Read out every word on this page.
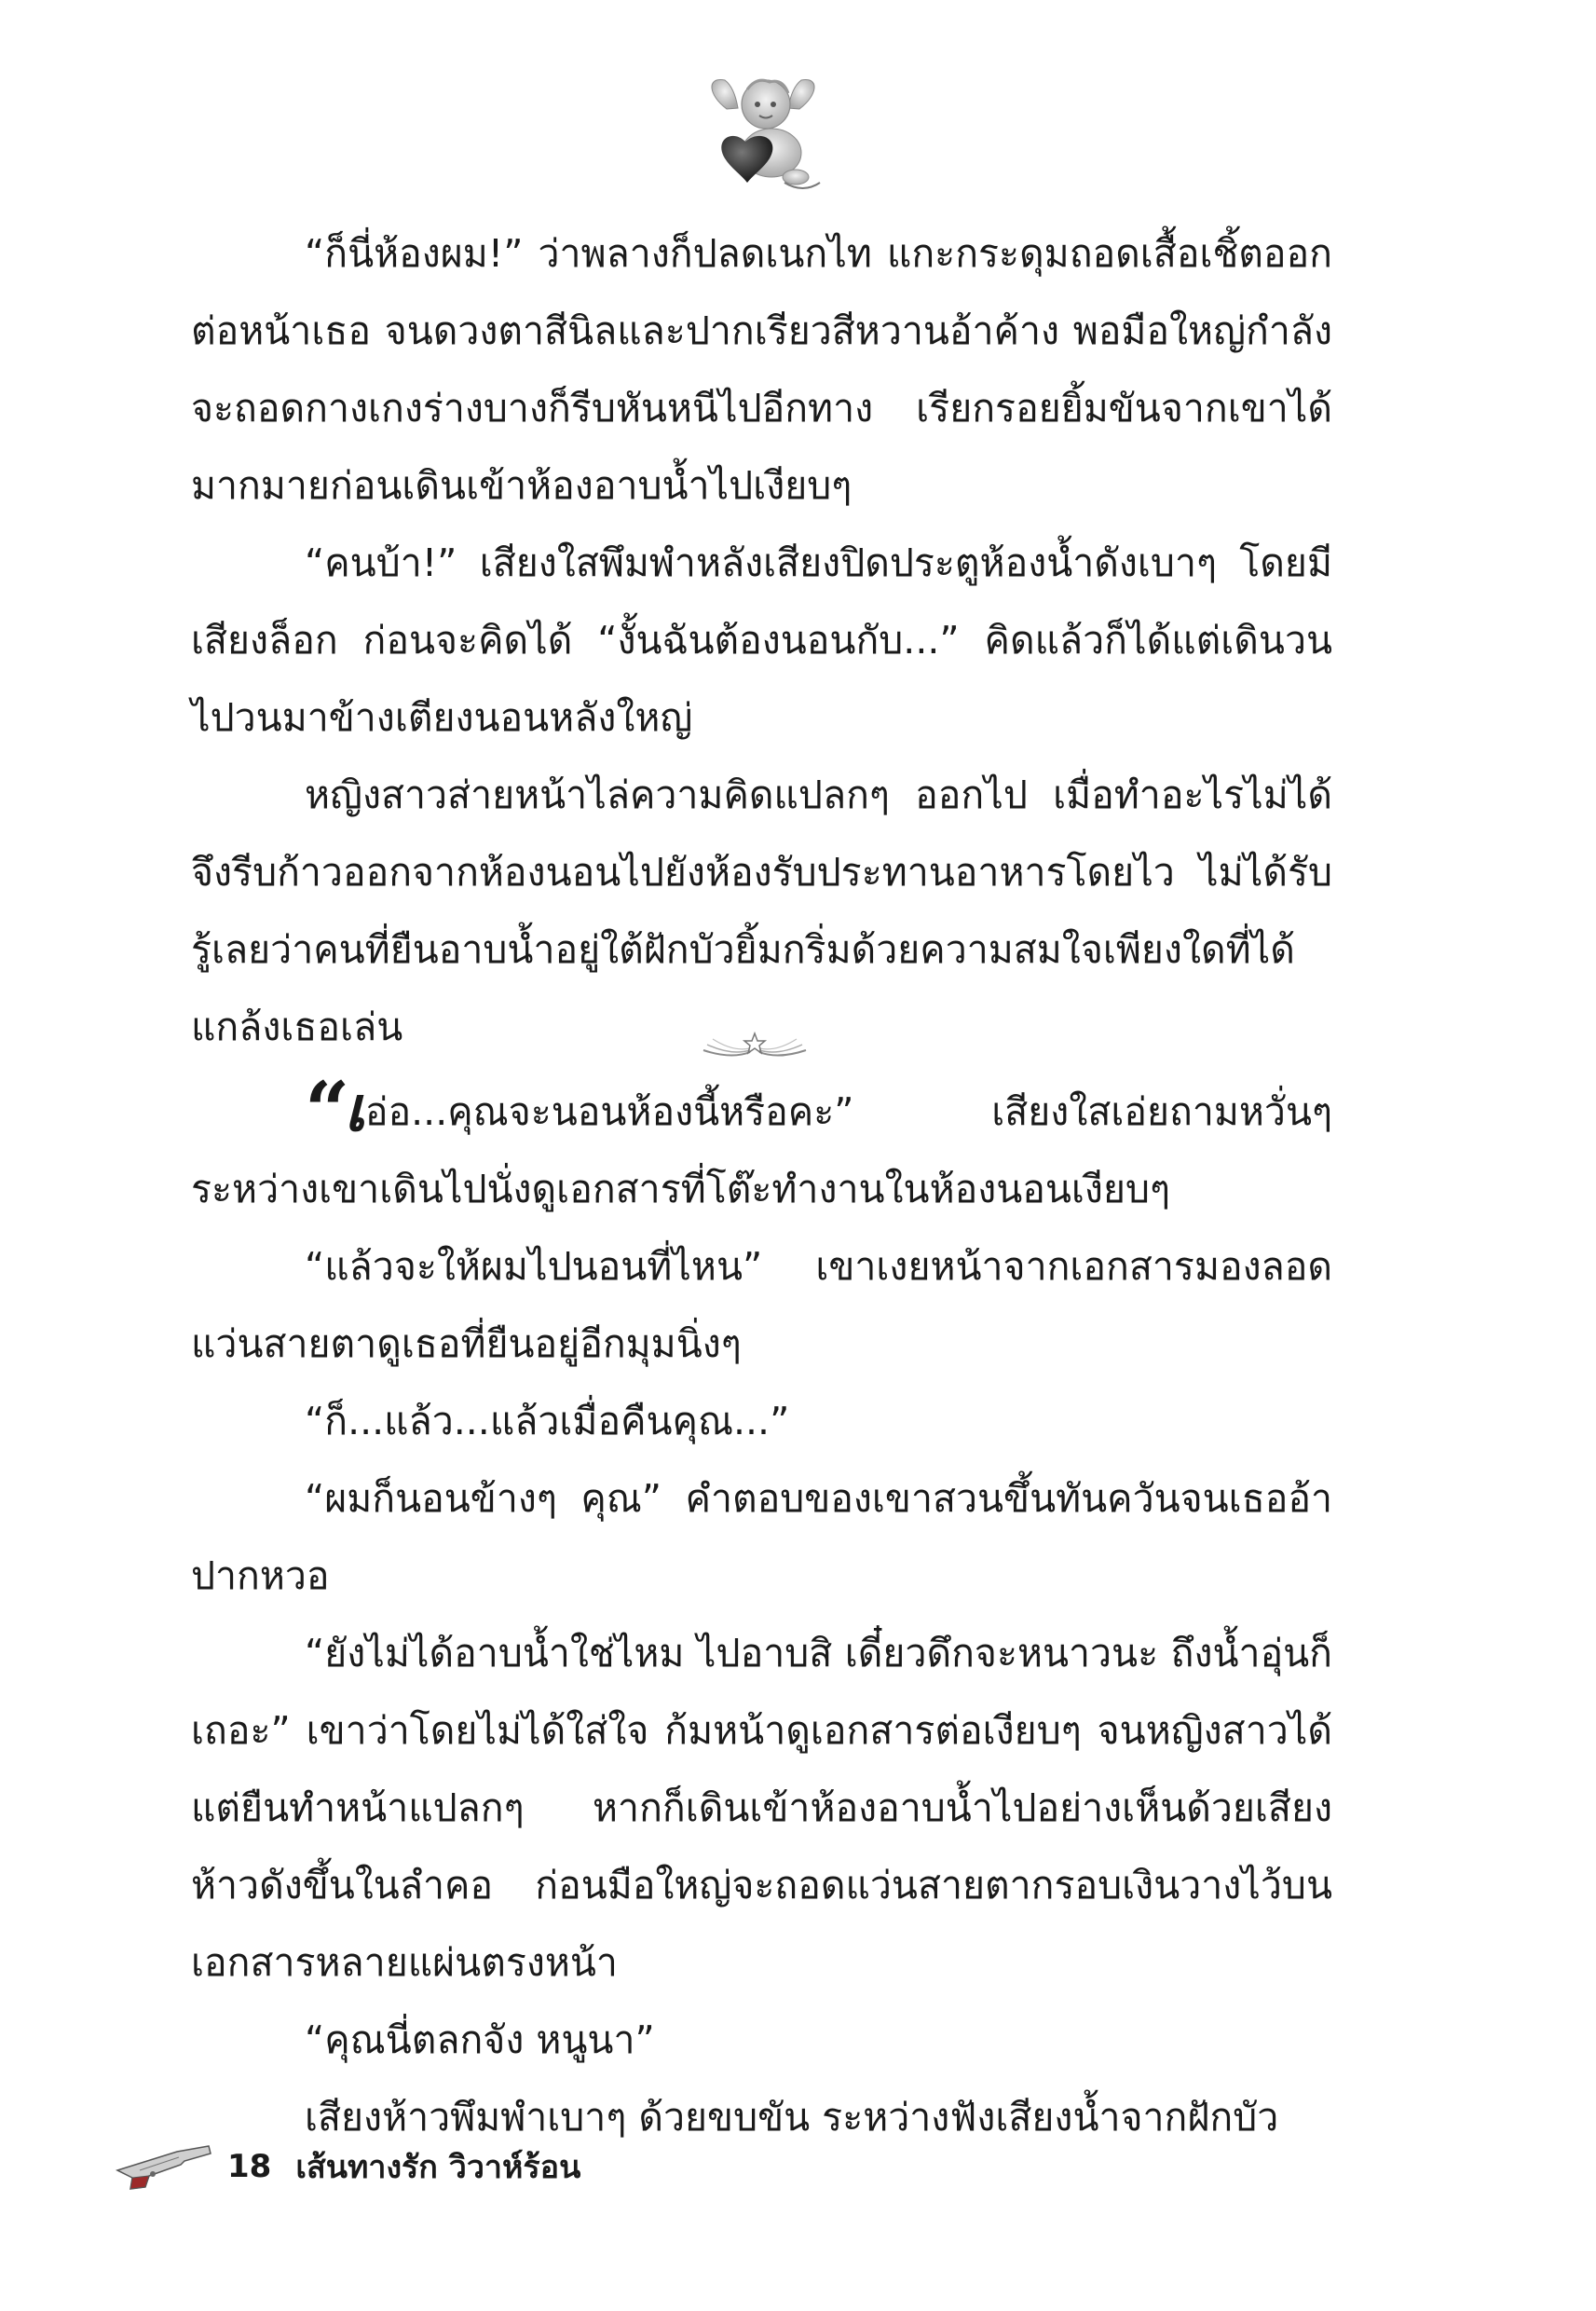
“ก็นี่ห้องผม!” ว่าพลางก็ปลดเนกไท แกะกระดุมถอดเสื้อเชิ้ตออกต่อหน้าเธอ จนดวงตาสีนิลและปากเรียวสีหวานอ้าค้าง พอมือใหญ่กำลังจะถอดกางเกงร่างบางก็รีบหันหนีไปอีกทาง เรียกรอยยิ้มขันจากเขาได้มากมายก่อนเดินเข้าห้องอาบน้ำไปเงียบๆ

“คนบ้า!” เสียงใสพึมพำหลังเสียงปิดประตูห้องน้ำดังเบาๆ โดยมีเสียงล็อก ก่อนจะคิดได้ “งั้นฉันต้องนอนกับ...” คิดแล้วก็ได้แต่เดินวนไปวนมาข้างเตียงนอนหลังใหญ่

หญิงสาวส่ายหน้าไล่ความคิดแปลกๆ ออกไป เมื่อทำอะไรไม่ได้จึงรีบก้าวออกจากห้องนอนไปยังห้องรับประทานอาหารโดยไว ไม่ได้รับรู้เลยว่าคนที่ยืนอาบน้ำอยู่ใต้ฝักบัวยิ้มกริ่มด้วยความสมใจเพียงใดที่ได้แกล้งเธอเล่น

“เอ่อ...คุณจะนอนห้องนี้หรือคะ” เสียงใสเอ่ยถามหวั่นๆ ระหว่างเขาเดินไปนั่งดูเอกสารที่โต๊ะทำงานในห้องนอนเงียบๆ

“แล้วจะให้ผมไปนอนที่ไหน” เขาเงยหน้าจากเอกสารมองลอดแว่นสายตาดูเธอที่ยืนอยู่อีกมุมนิ่งๆ

“ก็...แล้ว...แล้วเมื่อคืนคุณ...”

“ผมก็นอนข้างๆ คุณ” คำตอบของเขาสวนขึ้นทันควันจนเธออ้าปากหวอ

“ยังไม่ได้อาบน้ำใช่ไหม ไปอาบสิ เดี๋ยวดึกจะหนาวนะ ถึงน้ำอุ่นก็เถอะ” เขาว่าโดยไม่ได้ใส่ใจ ก้มหน้าดูเอกสารต่อเงียบๆ จนหญิงสาวได้แต่ยืนทำหน้าแปลกๆ หากก็เดินเข้าห้องอาบน้ำไปอย่างเห็นด้วยเสียงห้าวดังขึ้นในลำคอ ก่อนมือใหญ่จะถอดแว่นสายตากรอบเงินวางไว้บนเอกสารหลายแผ่นตรงหน้า

“คุณนี่ตลกจัง หนูนา”

เสียงห้าวพึมพำเบาๆ ด้วยขบขัน ระหว่างฟังเสียงน้ำจากฝักบัว

18 เส้นทางรัก วิวาห์ร้อน
